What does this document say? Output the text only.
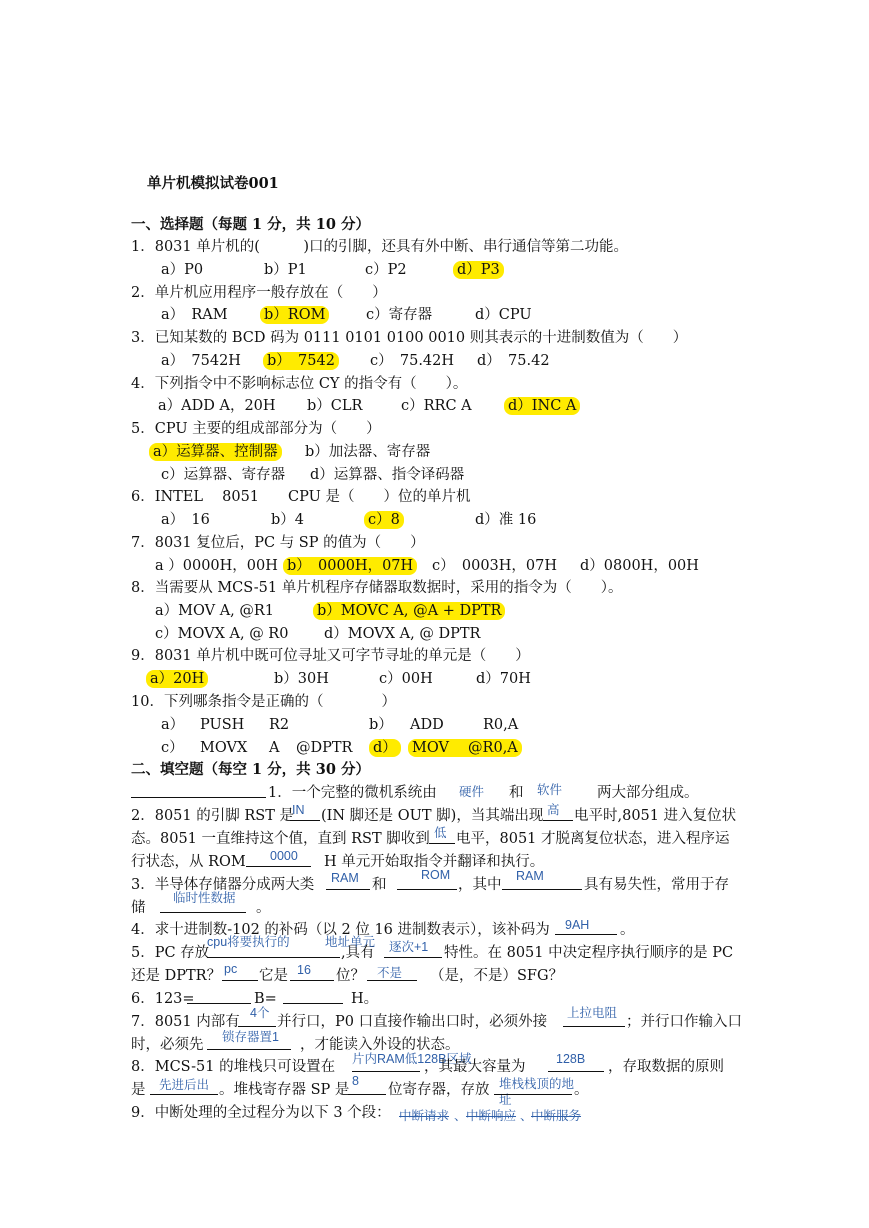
单片机模拟试卷001
一、选择题（每题 1 分，共 10 分）
1．8031 单片机的(　　　)口的引脚，还具有外中断、串行通信等第二功能。
a）P0	b）P1	c）P2	d）P3
2．单片机应用程序一般存放在（　　）
a）　RAM	b）ROM	c）寄存器	d）CPU
3．已知某数的 BCD 码为 0111 0101 0100 0010 则其表示的十进制数值为（　　）
a）　7542H b）　7542 c）　75.42H d）　75.42
4．下列指令中不影响标志位 CY 的指令有（　　）。
a）ADD A，20H b）CLR	c）RRC A	d）INC A
5．CPU 主要的组成部部分为（　　）
a）运算器、控制器 b）加法器、寄存器
c）运算器、寄存器 d）运算器、指令译码器
6．INTEL　 8051　　CPU 是（　　）位的单片机
a）　16	b）4	c）8	d）准 16
7．8031 复位后，PC 与 SP 的值为（　　）
a ）0000H，00H b）　0000H，07H c）　0003H，07H d）0800H，00H
8．当需要从 MCS-51 单片机程序存储器取数据时，采用的指令为（　　）。
a）MOV A, @R1	b）MOVC A, @A + DPTR
c）MOVX A, @ R0 d）MOVX A, @ DPTR
9．8031 单片机中既可位寻址又可字节寻址的单元是（　　）
a）20H	b）30H	c）00H	d）70H
10．下列哪条指令是正确的（　　　　）
a） PUSH R2	b） ADD	R0,A
c） MOVX A @DPTR d） MOV　 @R0,A
二、填空题（每空 1 分，共 30 分）
1．一个完整的微机系统由 硬件 和 软件 两大部分组成。
2．8051 的引脚 RST 是
IN (IN 脚还是 OUT 脚)，当其端出现 高 电平时,8051 进入复位状
态。8051 一直维持这个值，直到 RST 脚收到 低 电平，8051 才脱离复位状态，进入程序运
行状态，从 ROM 0000 H 单元开始取指令并翻译和执行。
3．半导体存储器分成两大类 RAM 和
ROM
，其中
RAM
具有易失性，常用于存
储
临时性数据
。
4．求十进制数-102 的补码（以 2 位 16 进制数表示），该补码为 9AH 。
5．PC 存放
cpu将要执行的
,具有
地址单元 逐次+1 特性。在 8051 中决定程序执行顺序的是 PC
还是 DPTR？ pc 它是 16 位？ 不是 （是，不是）SFG？
6．123=	B=	H。
7．8051 内部有
4个
并行口，P0 口直接作输出口时，必须外接
上拉电阻
；并行口作输入口
时，必须先 锁存器置1 ，才能读入外设的状态。
8．MCS-51 的堆栈只可设置在 片内RAM低128B区域
，其最大容量为 128B ，存取数据的原则
是 先进后出 。堆栈寄存器 SP 是
8
位寄存器，存放 堆栈栈顶的地
址
。
9．中断处理的全过程分为以下 3 个段： 中断请求 、 中断响应 、
中断服务
